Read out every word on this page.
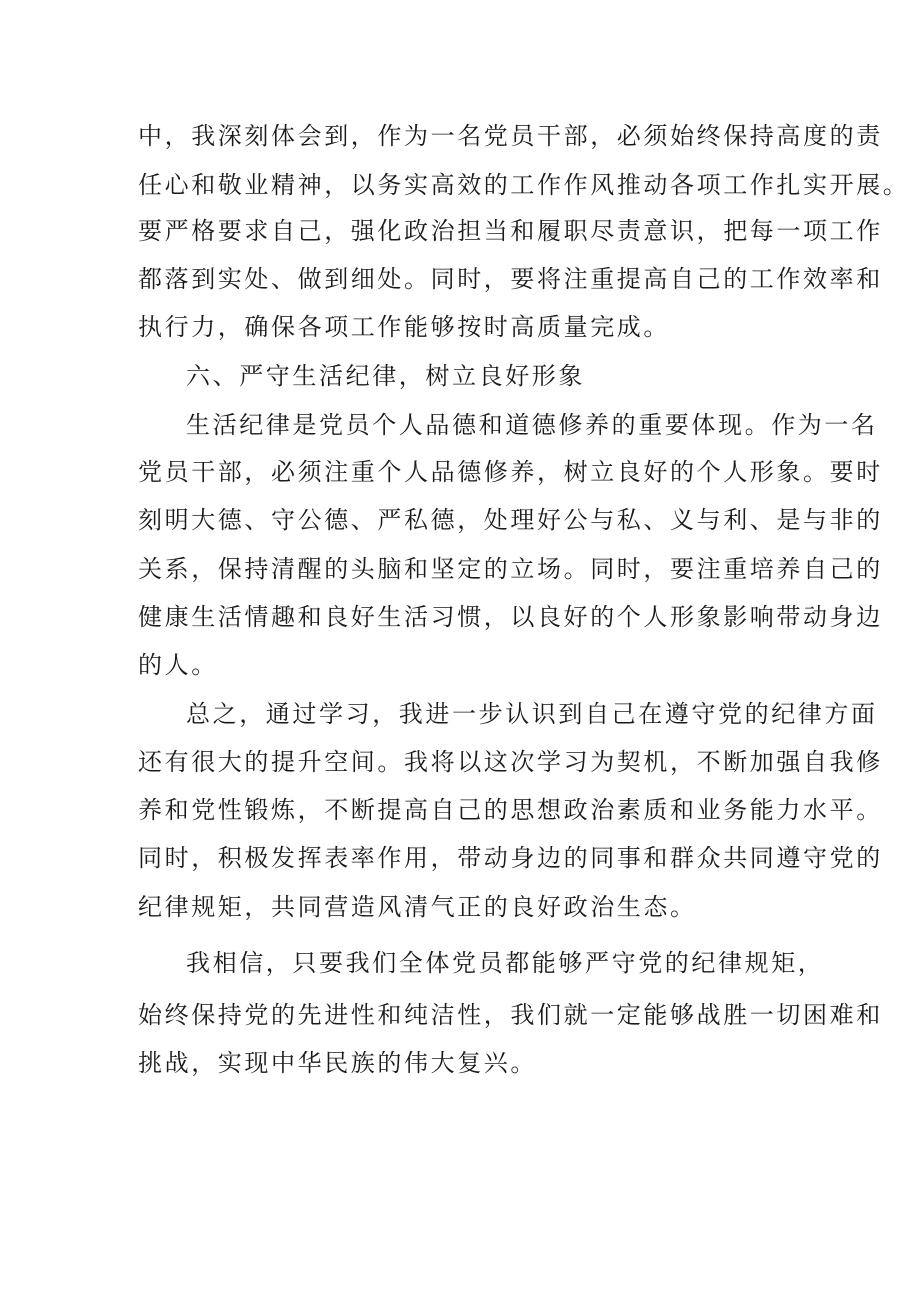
中，我深刻体会到，作为一名党员干部，必须始终保持高度的责
任心和敬业精神，以务实高效的工作作风推动各项工作扎实开展。
要严格要求自己，强化政治担当和履职尽责意识，把每一项工作
都落到实处、做到细处。同时，要将注重提高自己的工作效率和
执行力，确保各项工作能够按时高质量完成。
六、严守生活纪律，树立良好形象
生活纪律是党员个人品德和道德修养的重要体现。作为一名
党员干部，必须注重个人品德修养，树立良好的个人形象。要时
刻明大德、守公德、严私德，处理好公与私、义与利、是与非的
关系，保持清醒的头脑和坚定的立场。同时，要注重培养自己的
健康生活情趣和良好生活习惯，以良好的个人形象影响带动身边
的人。
总之，通过学习，我进一步认识到自己在遵守党的纪律方面
还有很大的提升空间。我将以这次学习为契机，不断加强自我修
养和党性锻炼，不断提高自己的思想政治素质和业务能力水平。
同时，积极发挥表率作用，带动身边的同事和群众共同遵守党的
纪律规矩，共同营造风清气正的良好政治生态。
我相信，只要我们全体党员都能够严守党的纪律规矩，
始终保持党的先进性和纯洁性，我们就一定能够战胜一切困难和
挑战，实现中华民族的伟大复兴。
